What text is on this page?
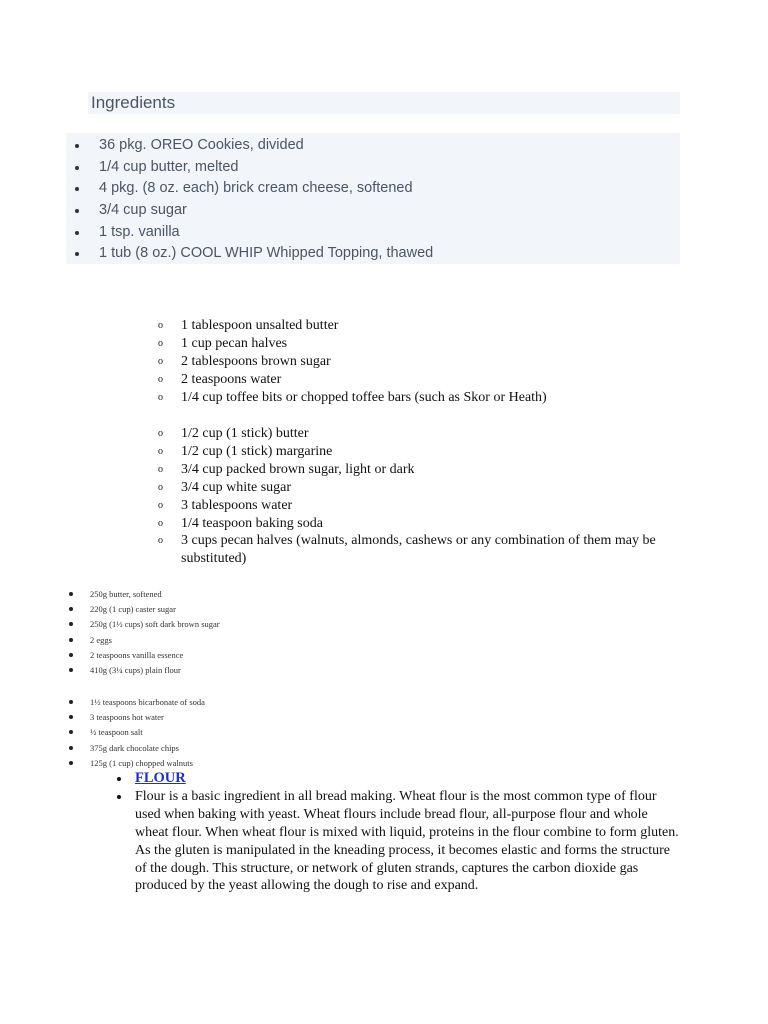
Ingredients
36 pkg. OREO Cookies, divided
1/4 cup butter, melted
4 pkg. (8 oz. each) brick cream cheese, softened
3/4 cup sugar
1 tsp. vanilla
1 tub (8 oz.) COOL WHIP Whipped Topping, thawed
o 1 tablespoon unsalted butter
o 1 cup pecan halves
o 2 tablespoons brown sugar
o 2 teaspoons water
o 1/4 cup toffee bits or chopped toffee bars (such as Skor or Heath)
o 1/2 cup (1 stick) butter
o 1/2 cup (1 stick) margarine
o 3/4 cup packed brown sugar, light or dark
o 3/4 cup white sugar
o 3 tablespoons water
o 1/4 teaspoon baking soda
o 3 cups pecan halves (walnuts, almonds, cashews or any combination of them may be substituted)
250g butter, softened
220g (1 cup) caster sugar
250g (1½ cups) soft dark brown sugar
2 eggs
2 teaspoons vanilla essence
410g (3¼ cups) plain flour
1½ teaspoons bicarbonate of soda
3 teaspoons hot water
½ teaspoon salt
375g dark chocolate chips
125g (1 cup) chopped walnuts
FLOUR
Flour is a basic ingredient in all bread making. Wheat flour is the most common type of flour used when baking with yeast. Wheat flours include bread flour, all-purpose flour and whole wheat flour. When wheat flour is mixed with liquid, proteins in the flour combine to form gluten. As the gluten is manipulated in the kneading process, it becomes elastic and forms the structure of the dough. This structure, or network of gluten strands, captures the carbon dioxide gas produced by the yeast allowing the dough to rise and expand.
